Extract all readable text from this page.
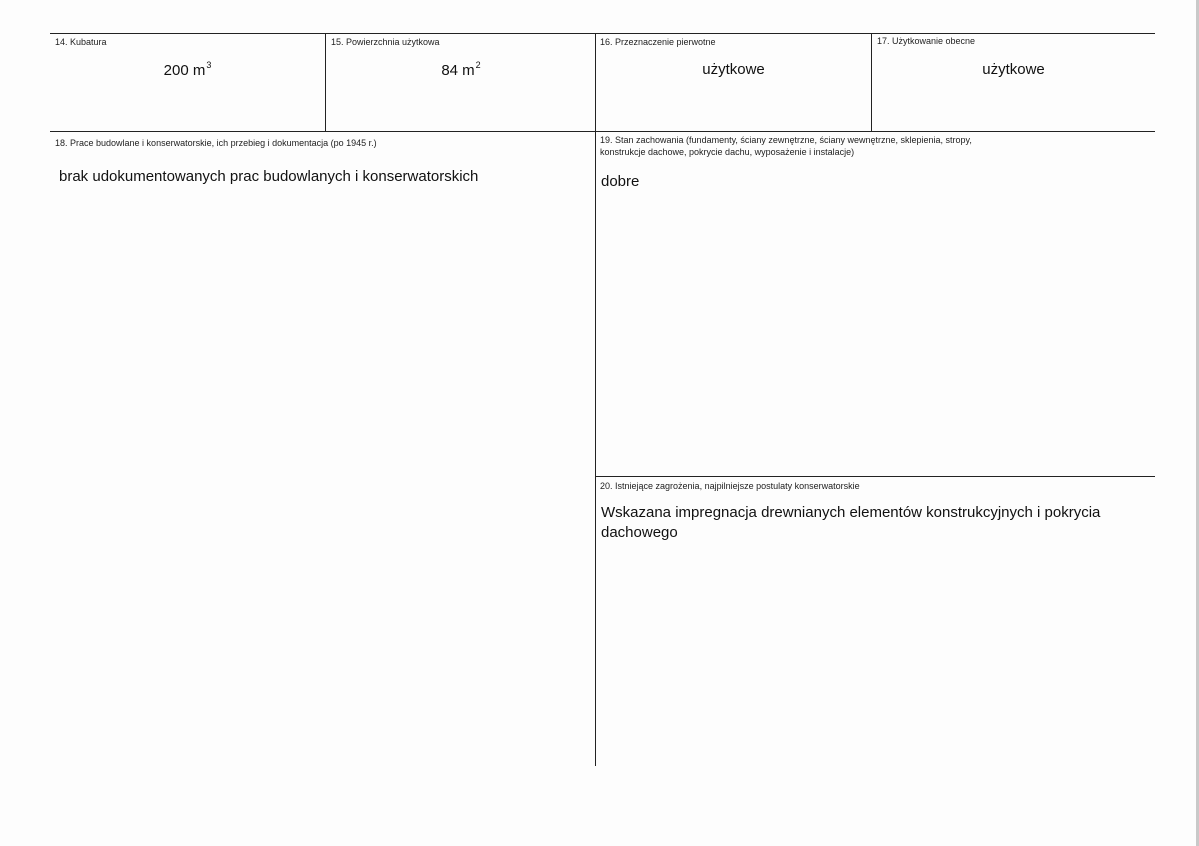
14. Kubatura
200 $m^3$
15. Powierzchnia użytkowa
84 $m^2$
16. Przeznaczenie pierwotne
użytkowe
17. Użytkowanie obecne
użytkowe
18. Prace budowlane i konserwatorskie, ich przebieg i dokumentacja (po 1945 r.)
brak udokumentowanych prac budowlanych i konserwatorskich
19. Stan zachowania (fundamenty, ściany zewnętrzne, ściany wewnętrzne, sklepienia, stropy,
konstrukcje dachowe, pokrycie dachu, wyposażenie i instalacje)
dobre
20. Istniejące zagrożenia, najpilniejsze postulaty konserwatorskie
Wskazana impregnacja drewnianych elementów konstrukcyjnych i pokrycia
dachowego
